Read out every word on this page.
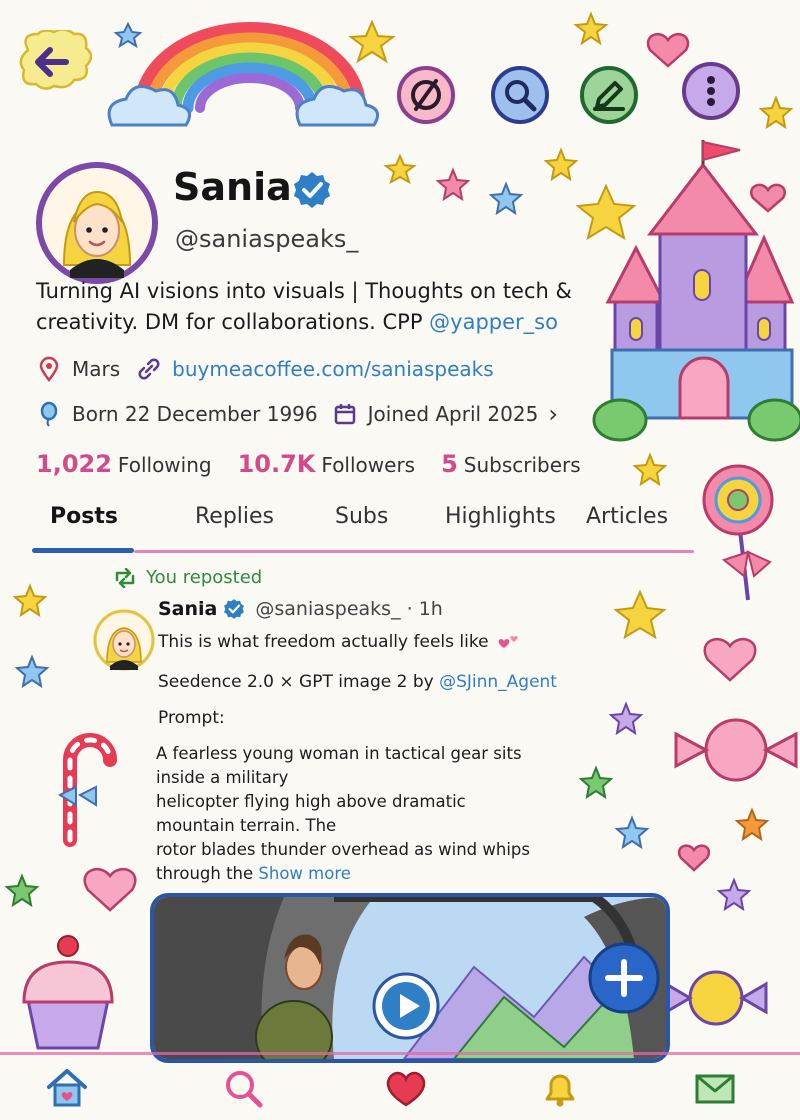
Sania
@saniaspeaks_
Turning AI visions into visuals | Thoughts on tech & creativity. DM for collaborations. CPP @yapper_so
Mars	buymeacoffee.com/saniaspeaks
Born 22 December 1996	Joined April 2025 ›
1,022 Following 10.7K Followers 5 Subscribers
Posts	Replies	Subs	Highlights Articles
You reposted
Sania @saniaspeaks_ · 1h
This is what freedom actually feels like
Seedence 2.0 × GPT image 2 by @SJinn_Agent
Prompt:
A fearless young woman in tactical gear sits
inside a military
helicopter flying high above dramatic
mountain terrain. The
rotor blades thunder overhead as wind whips
through the Show more
